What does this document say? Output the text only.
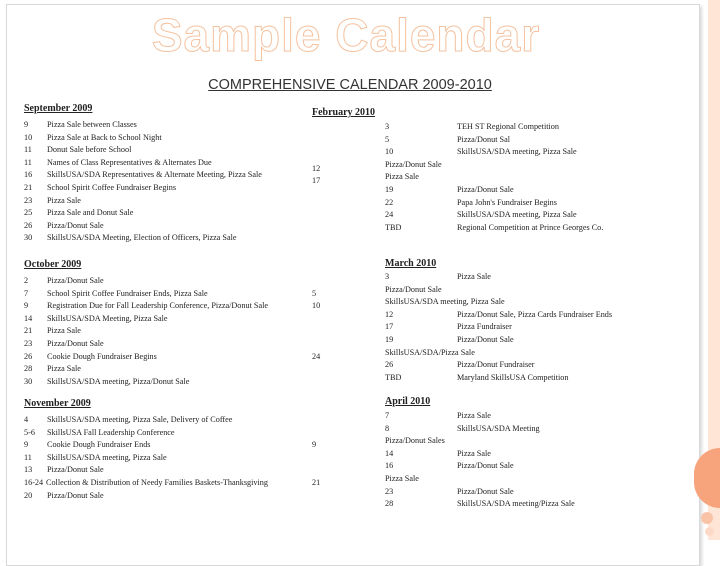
Sample Calendar
COMPREHENSIVE CALENDAR 2009-2010
September 2009
9 Pizza Sale between Classes
10 Pizza Sale at Back to School Night
11 Donut Sale before School
11 Names of Class Representatives & Alternates Due
16 SkillsUSA/SDA Representatives & Alternate Meeting, Pizza Sale
21 School Spirit Coffee Fundraiser Begins
23 Pizza Sale
25 Pizza Sale and Donut Sale
26 Pizza/Donut Sale
30 SkillsUSA/SDA Meeting, Election of Officers, Pizza Sale
October 2009
2 Pizza/Donut Sale
7 School Spirit Coffee Fundraiser Ends, Pizza Sale
9 Registration Due for Fall Leadership Conference, Pizza/Donut Sale
14 SkillsUSA/SDA Meeting, Pizza Sale
21 Pizza Sale
23 Pizza/Donut Sale
26 Cookie Dough Fundraiser Begins
28 Pizza Sale
30 SkillsUSA/SDA meeting, Pizza/Donut Sale
November 2009
4 SkillsUSA/SDA meeting, Pizza Sale, Delivery of Coffee
5-6 SkillsUSA Fall Leadership Conference
9 Cookie Dough Fundraiser Ends
11 SkillsUSA/SDA meeting, Pizza Sale
13 Pizza/Donut Sale
16-24 Collection & Distribution of Needy Families Baskets-Thanksgiving
20 Pizza/Donut Sale
February 2010
3	TEH ST Regional Competition
5	Pizza/Donut Sal
10	SkillsUSA/SDA meeting, Pizza Sale
12	Pizza/Donut Sale
17	Pizza Sale
19	Pizza/Donut Sale
22	Papa John's Fundraiser Begins
24	SkillsUSA/SDA meeting, Pizza Sale
TBD	Regional Competition at Prince Georges Co.
March 2010
3	Pizza Sale
5	Pizza/Donut Sale
10	SkillsUSA/SDA meeting, Pizza Sale
12	Pizza/Donut Sale, Pizza Cards Fundraiser Ends
17	Pizza Fundraiser
19	Pizza/Donut Sale
24	SkillsUSA/SDA/Pizza Sale
26	Pizza/Donut Fundraiser
TBD	Maryland SkillsUSA Competition
April 2010
7	Pizza Sale
8	SkillsUSA/SDA Meeting
9	Pizza/Donut Sales
14	Pizza Sale
16	Pizza/Donut Sale
21	Pizza Sale
23	Pizza/Donut Sale
28	SkillsUSA/SDA meeting/Pizza Sale
